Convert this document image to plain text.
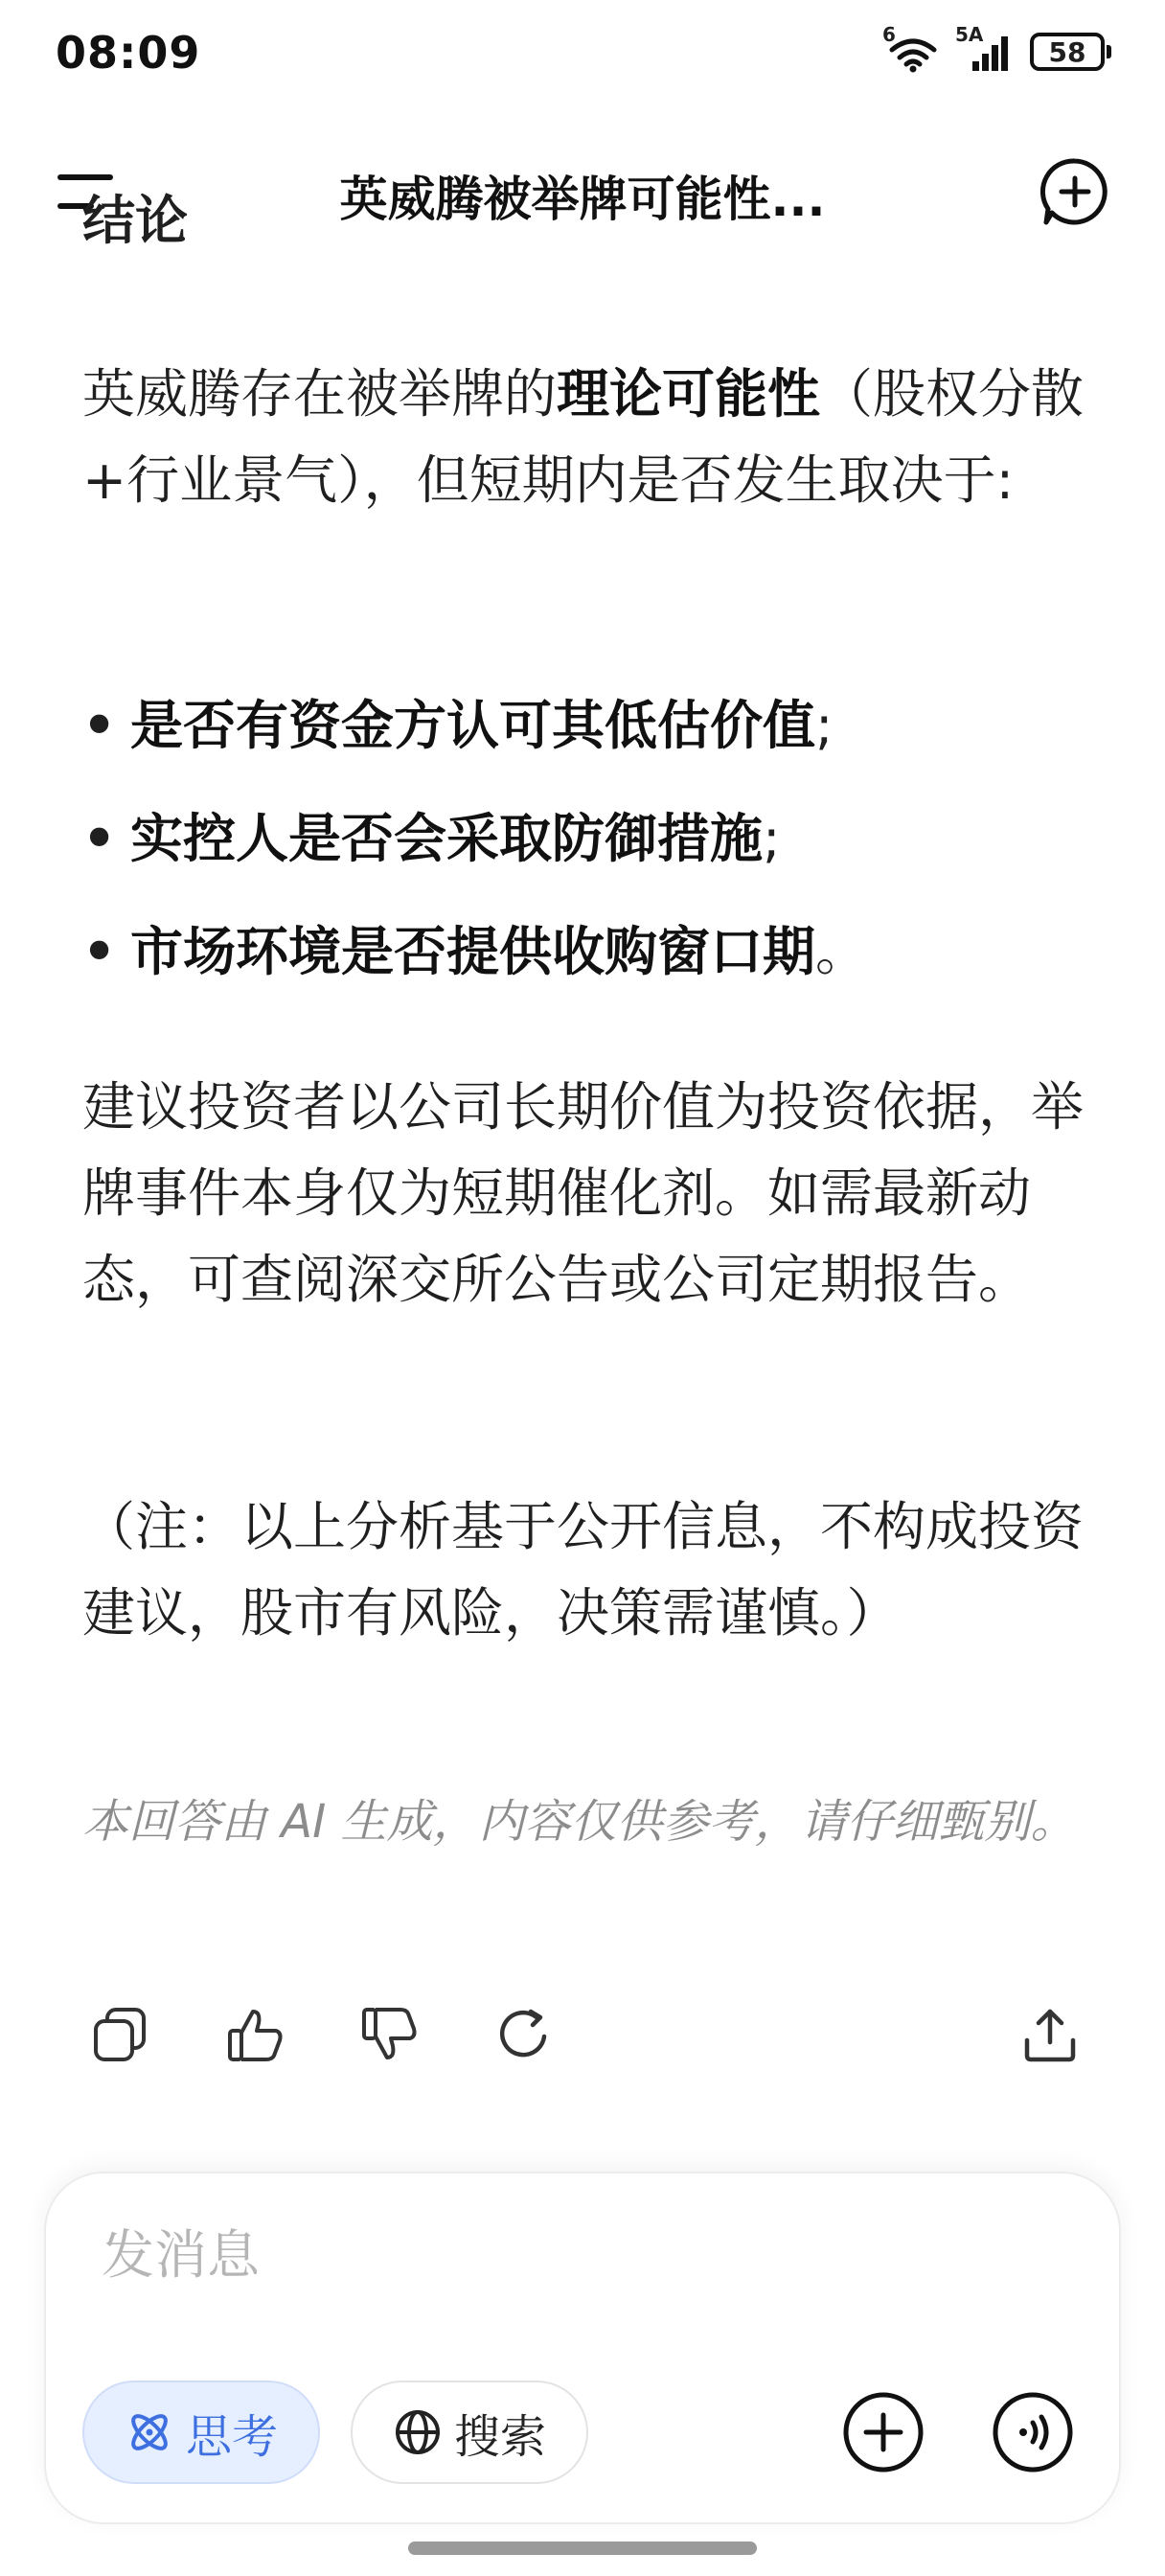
08:09	6	5A
58
英威腾被举牌可能性...
结论
英威腾存在被举牌的理论可能性（股权分散+行业景气），但短期内是否发生取决于:
• 是否有资金方认可其低估价值;
• 实控人是否会采取防御措施;
• 市场环境是否提供收购窗口期。
建议投资者以公司长期价值为投资依据，举牌事件本身仅为短期催化剂。如需最新动态，可查阅深交所公告或公司定期报告。
（注：以上分析基于公开信息，不构成投资建议，股市有风险，决策需谨慎。）
本回答由 AI 生成，内容仅供参考，请仔细甄别。
发消息
思考	搜索
